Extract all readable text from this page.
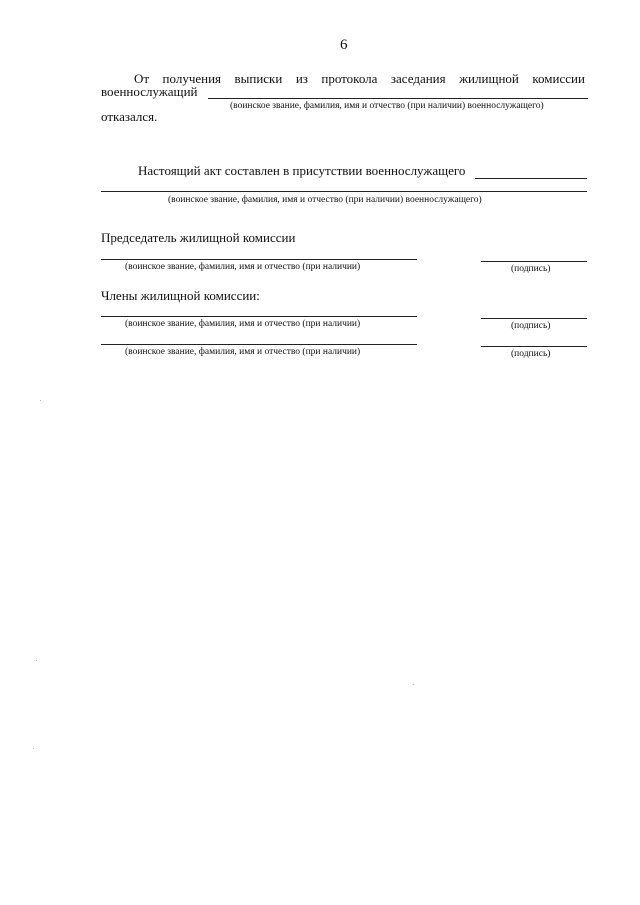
6
От получения выписки из протокола заседания жилищной комиссии
военнослужащий
(воинское звание, фамилия, имя и отчество (при наличии) военнослужащего)
отказался.
Настоящий акт составлен в присутствии военнослужащего
(воинское звание, фамилия, имя и отчество (при наличии) военнослужащего)
Председатель жилищной комиссии
(воинское звание, фамилия, имя и отчество (при наличии)	(подпись)
Члены жилищной комиссии:
(воинское звание, фамилия, имя и отчество (при наличии)	(подпись)
(воинское звание, фамилия, имя и отчество (при наличии)	(подпись)
